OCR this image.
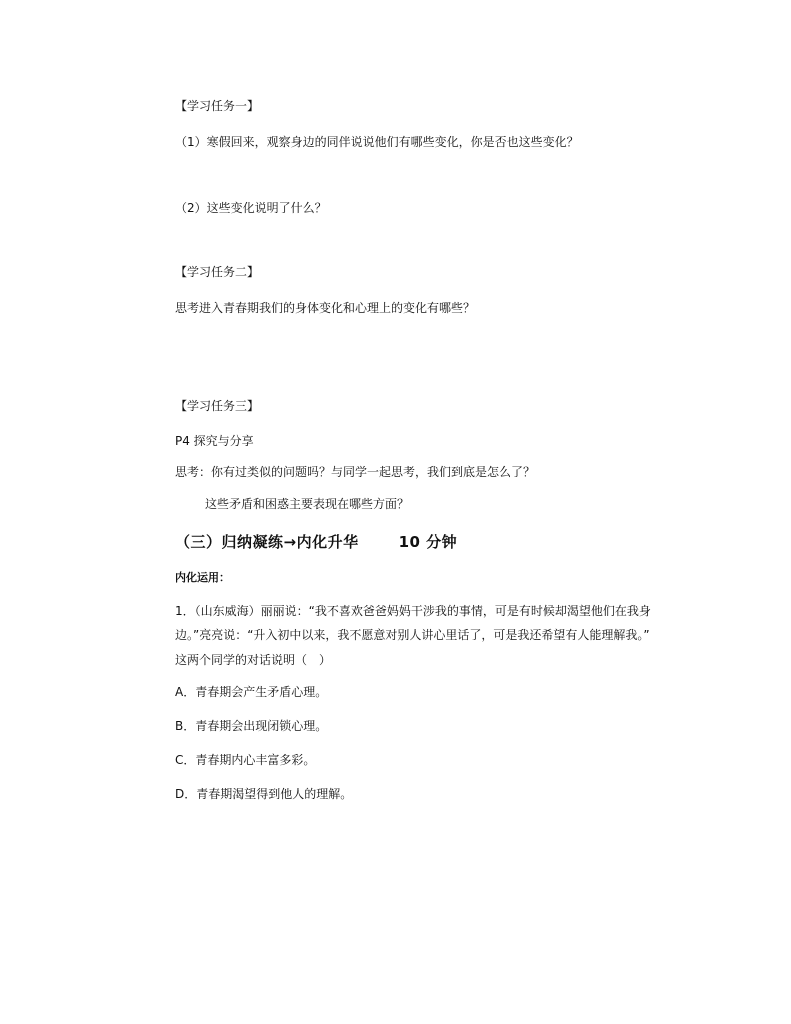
【学习任务一】
（1）寒假回来，观察身边的同伴说说他们有哪些变化，你是否也这些变化？
（2）这些变化说明了什么？
【学习任务二】
思考进入青春期我们的身体变化和心理上的变化有哪些？
【学习任务三】
P4 探究与分享
思考：你有过类似的问题吗？与同学一起思考，我们到底是怎么了？
这些矛盾和困惑主要表现在哪些方面？
（三）归纳凝练→内化升华	10 分钟
内化运用：
1．（山东威海）丽丽说：“我不喜欢爸爸妈妈干涉我的事情，可是有时候却渴望他们在我身
边。”亮亮说：“升入初中以来，我不愿意对别人讲心里话了，可是我还希望有人能理解我。”
这两个同学的对话说明（　）
A．青春期会产生矛盾心理。
B．青春期会出现闭锁心理。
C．青春期内心丰富多彩。
D．青春期渴望得到他人的理解。
